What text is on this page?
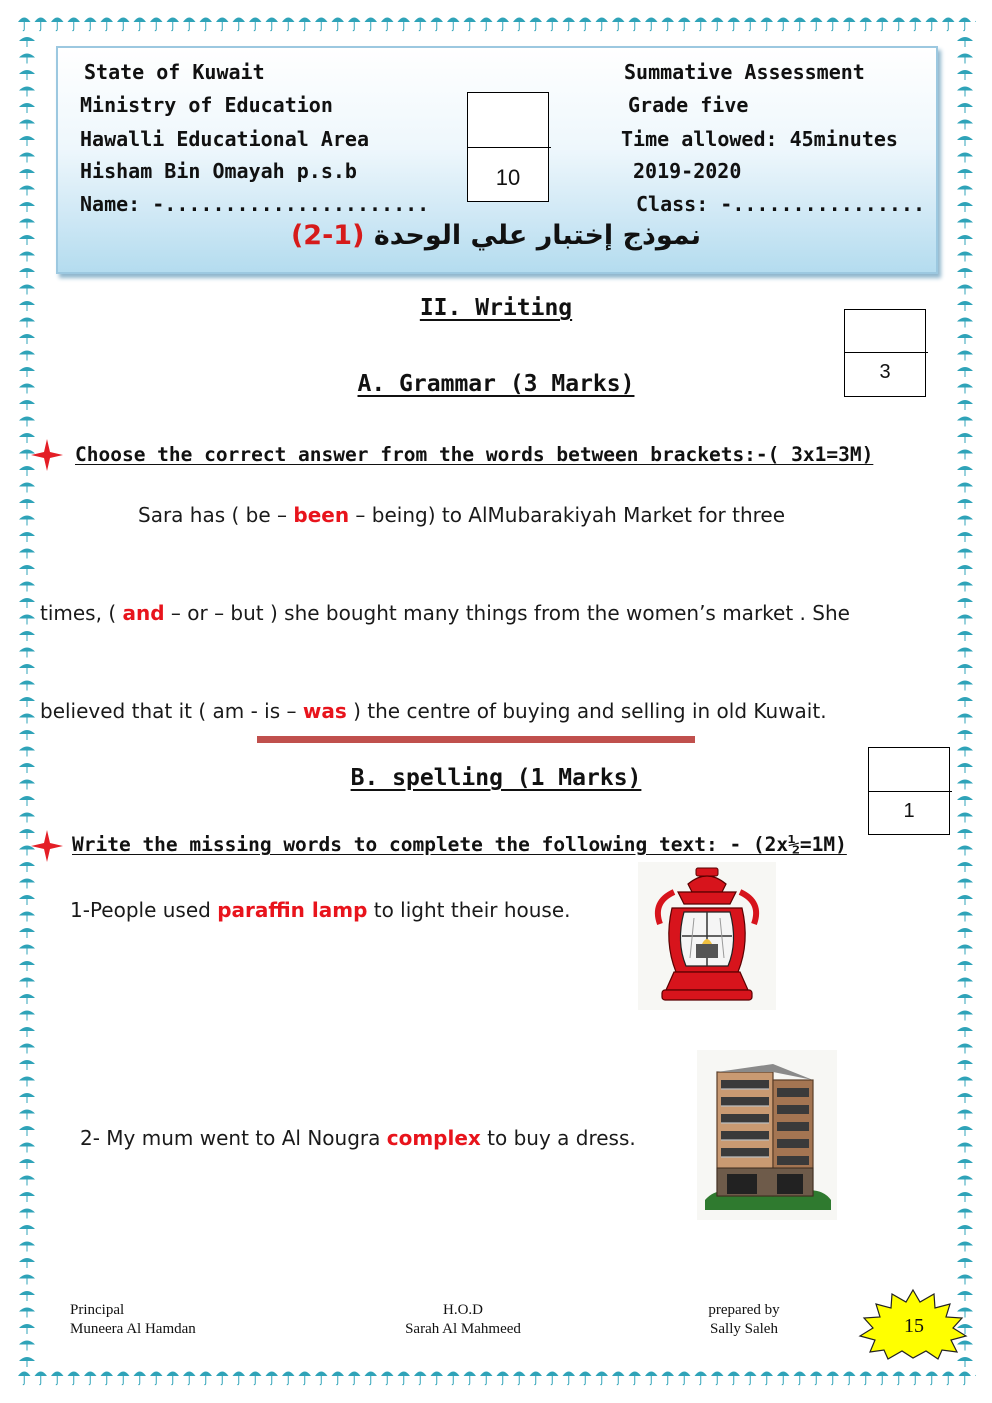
State of Kuwait
Ministry of Education
Hawalli Educational Area
Hisham Bin Omayah p.s.b
Name: -......................
Summative Assessment
Grade five
Time allowed: 45minutes
2019-2020
Class: -................
10
نموذج إختبار علي الوحدة (2-1)
II. Writing
3
A. Grammar (3 Marks)
Choose the correct answer from the words between brackets:-( 3x1=3M)
Sara has ( be – been – being) to AlMubarakiyah Market for three
times, ( and – or – but ) she bought many things from the women’s market . She
believed that it ( am - is – was ) the centre of buying and selling in old Kuwait.
B. spelling (1 Marks)
1
Write the missing words to complete the following text: - (2x½=1M)
1-People used paraffin lamp to light their house.
2- My mum went to Al Nougra complex to buy a dress.
Principal
Muneera Al Hamdan
H.O.D
Sarah Al Mahmeed
prepared by
Sally Saleh	15
